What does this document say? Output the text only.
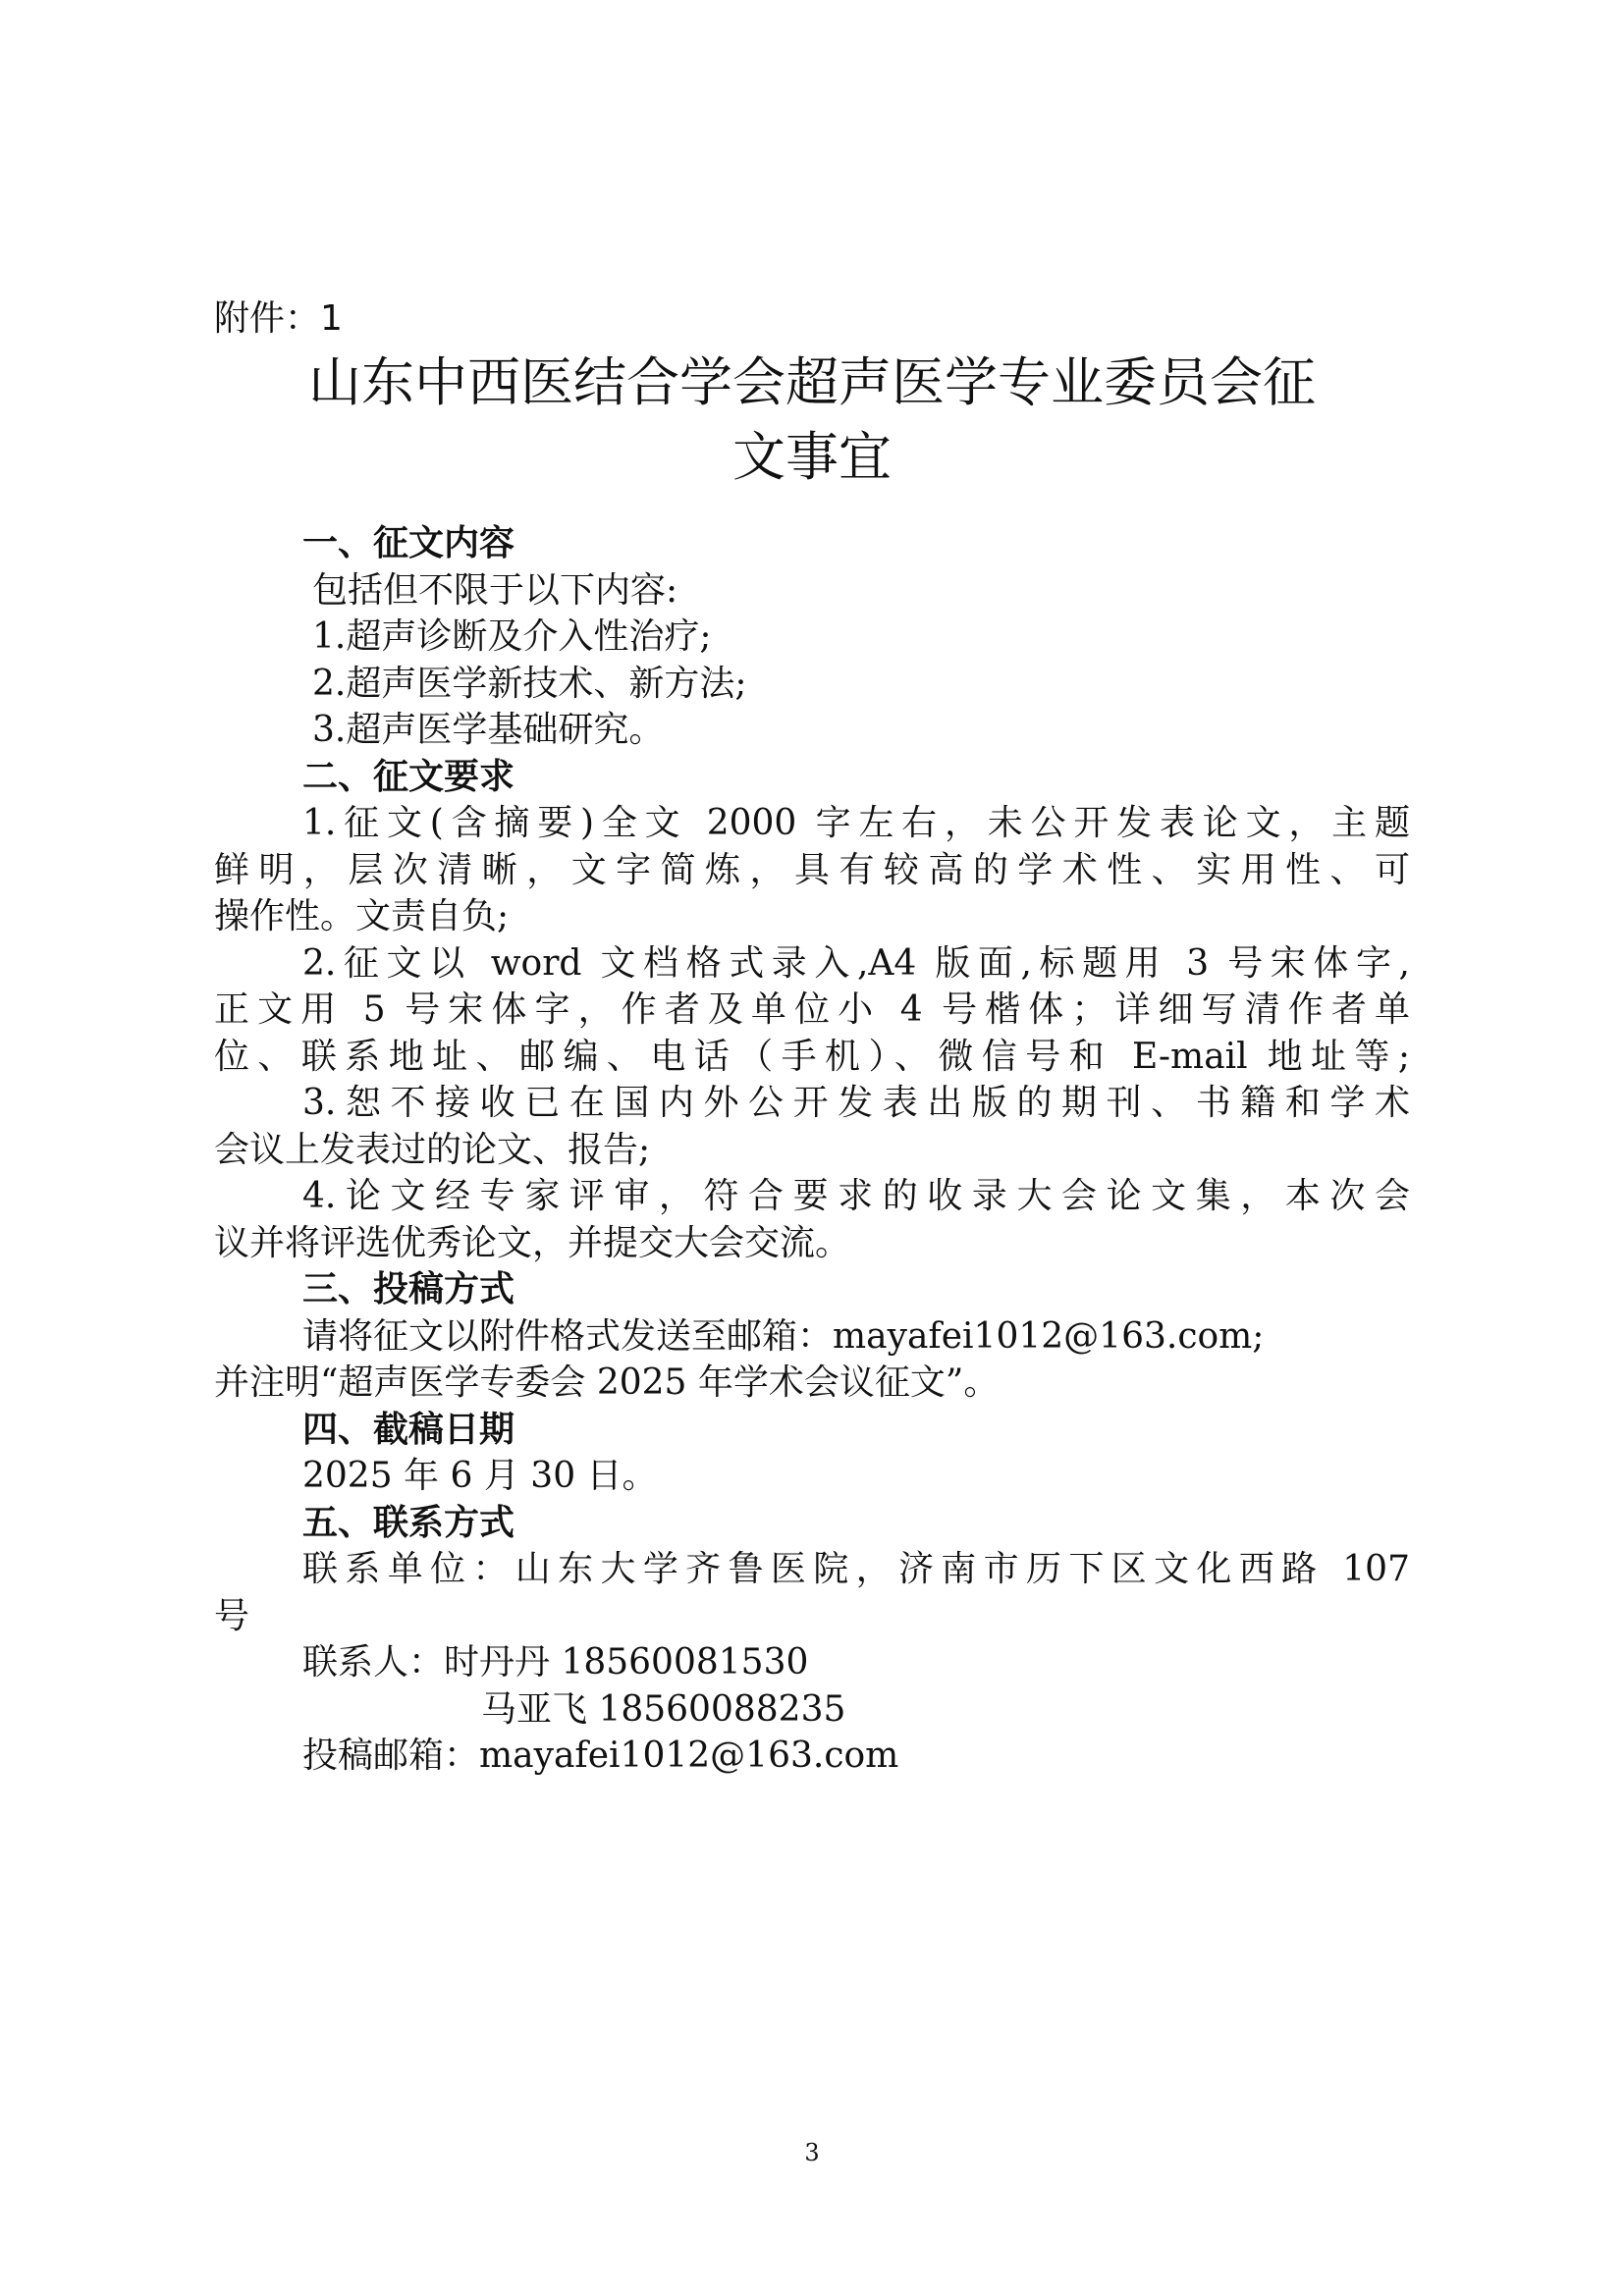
附件：1
山东中西医结合学会超声医学专业委员会征
文事宜
一、征文内容
包括但不限于以下内容:
1.超声诊断及介入性治疗;
2.超声医学新技术、新方法;
3.超声医学基础研究。
二、征文要求
1.征文(含摘要)全文 2000 字左右，未公开发表论文，主题
鲜明，层次清晰，文字简炼，具有较高的学术性、实用性、可
操作性。文责自负;
2.征文以 word 文档格式录入,A4 版面,标题用 3 号宋体字,
正文用 5 号宋体字，作者及单位小 4 号楷体；详细写清作者单
位、联系地址、邮编、电话（手机）、微信号和 E-mail 地址等;
3.恕不接收已在国内外公开发表出版的期刊、书籍和学术
会议上发表过的论文、报告;
4.论文经专家评审，符合要求的收录大会论文集，本次会
议并将评选优秀论文，并提交大会交流。
三、投稿方式
请将征文以附件格式发送至邮箱：mayafei1012@163.com;
并注明“超声医学专委会 2025 年学术会议征文”。
四、截稿日期
2025 年 6 月 30 日。
五、联系方式
联系单位：山东大学齐鲁医院，济南市历下区文化西路 107
号
联系人：时丹丹 18560081530
马亚飞 18560088235
投稿邮箱：mayafei1012@163.com
3
